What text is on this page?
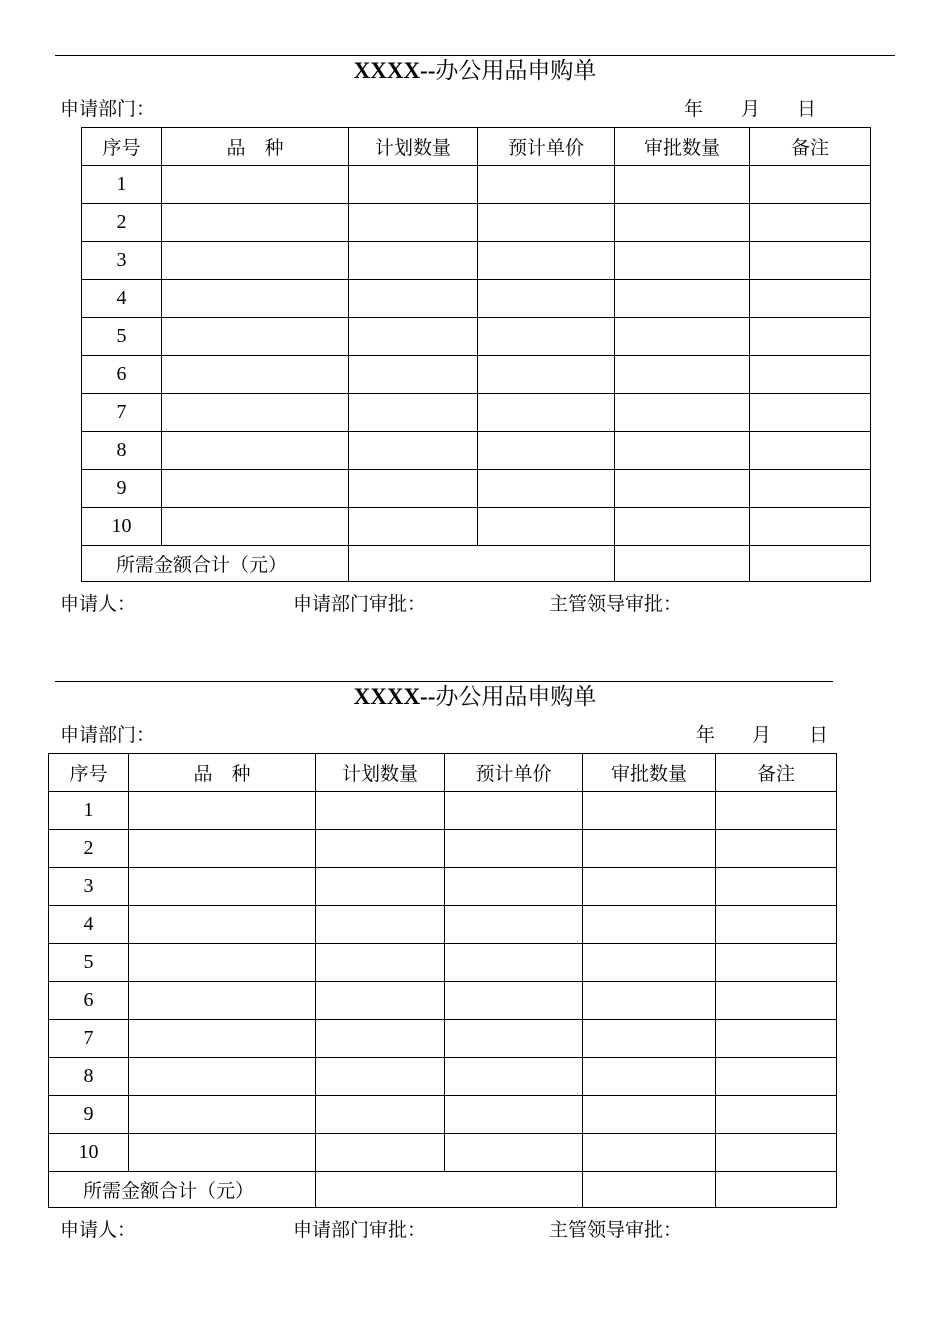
XXXX--办公用品申购单
申请部门：	年 月 日
序号	品　种	计划数量	预计单价	审批数量	备注
1					
2					
3					
4					
5					
6					
7					
8					
9					
10					
所需金额合计（元）					
申请人：	申请部门审批：	主管领导审批：
XXXX--办公用品申购单
申请部门：	年 月 日
序号	品　种	计划数量	预计单价	审批数量	备注
1					
2					
3					
4					
5					
6					
7					
8					
9					
10					
所需金额合计（元）					
申请人：	申请部门审批：	主管领导审批：
